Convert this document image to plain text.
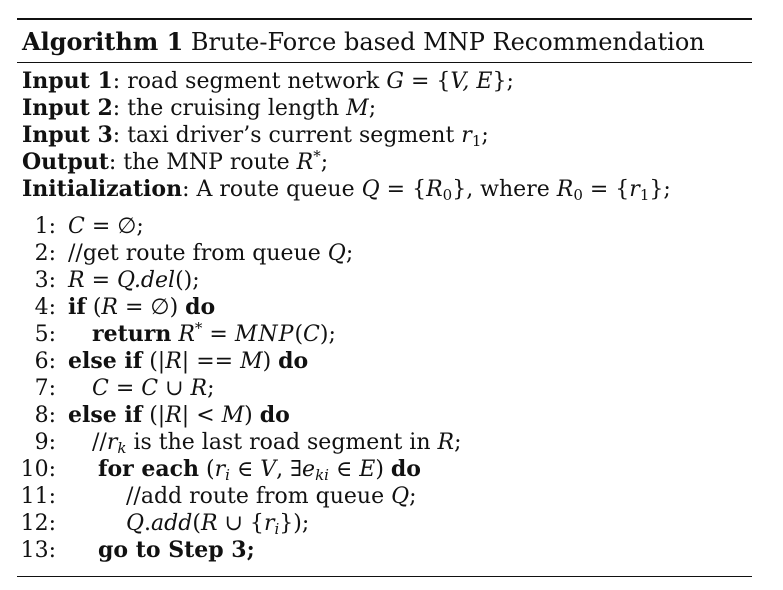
Algorithm 1 Brute-Force based MNP Recommendation
Input 1: road segment network G = {V, E};
Input 2: the cruising length M;
Input 3: taxi driver’s current segment $r_1$;
Output: the MNP route R*;
Initialization: A route queue $Q = \{R_0\}$, where $R_0 = \{r_1\}$;
1: C = ∅;
2: //get route from queue Q;
3: R = Q.del();
4: if (R = ∅) do
5: return R* = MNP(C);
6: else if (|R| == M) do
7: C = C ∪ R;
8: else if (|R| < M) do
9: $//r_k$ is the last road segment in R;
10: for each ($r_i$ ∈ V, $\exists e_{ki}$ ∈ E) do
11:	//add route from queue Q;
12:	Q.add(R ∪ $\{r_i\}$);
13: go to Step 3;
